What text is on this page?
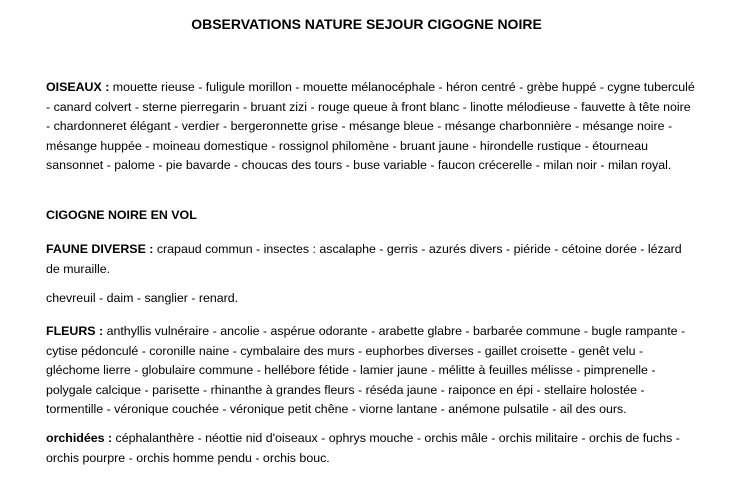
OBSERVATIONS NATURE SEJOUR CIGOGNE NOIRE
OISEAUX : mouette rieuse - fuligule morillon - mouette mélanocéphale - héron centré - grèbe huppé - cygne tuberculé - canard colvert - sterne pierregarin - bruant zizi - rouge queue à front blanc - linotte mélodieuse - fauvette à tête noire - chardonneret élégant - verdier - bergeronnette grise - mésange bleue - mésange charbonnière - mésange noire - mésange huppée - moineau domestique - rossignol philomène - bruant jaune - hirondelle rustique - étourneau sansonnet - palome - pie bavarde - choucas des tours - buse variable - faucon crécerelle - milan noir - milan royal.
CIGOGNE NOIRE EN VOL
FAUNE DIVERSE : crapaud commun - insectes : ascalaphe - gerris - azurés divers - piéride - cétoine dorée - lézard de muraille.
chevreuil - daim - sanglier - renard.
FLEURS : anthyllis vulnéraire - ancolie - aspérue odorante - arabette glabre - barbarée commune - bugle rampante - cytise pédonculé - coronille naine - cymbalaire des murs - euphorbes diverses - gaillet croisette - genêt velu - gléchome lierre - globulaire commune - hellébore fétide - lamier jaune - mélitte à feuilles mélisse - pimprenelle - polygale calcique - parisette - rhinanthe à grandes fleurs - réséda jaune - raiponce en épi - stellaire holostée - tormentille - véronique couchée - véronique petit chêne - viorne lantane - anémone pulsatile - ail des ours.
orchidées : céphalanthère - néottie nid d'oiseaux - ophrys mouche - orchis mâle - orchis militaire - orchis de fuchs - orchis pourpre - orchis homme pendu - orchis bouc.
